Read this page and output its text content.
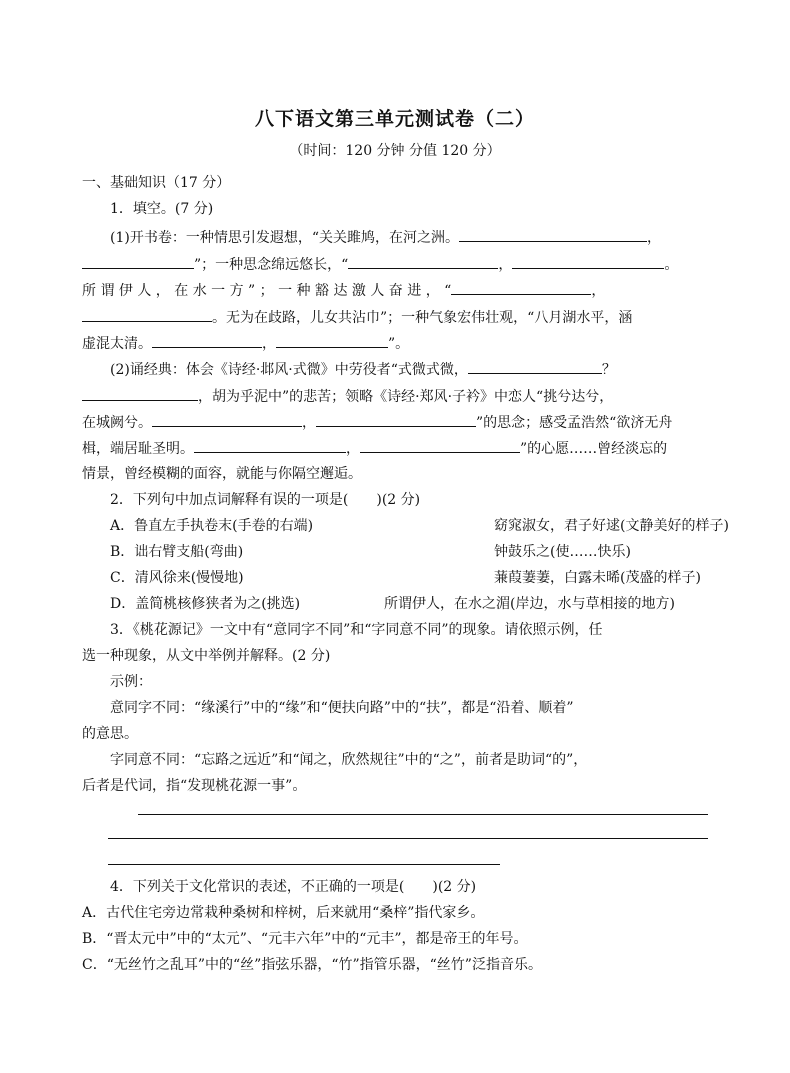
八下语文第三单元测试卷（二）
（时间：120 分钟 分值 120 分）
一、基础知识（17 分）
1．填空。(7 分)
(1)开书卷：一种情思引发遐想，“关关雎鸠，在河之洲。	，
”；一种思念绵远悠长，“	，	。
所 谓 伊 人 ， 在 水 一 方 ” ； 一 种 豁 达 激 人 奋 进 ， “	，
。无为在歧路，儿女共沾巾”；一种气象宏伟壮观，“八月湖水平，涵
虚混太清。	，	”。
(2)诵经典：体会《诗经·邶风·式微》中劳役者“式微式微，	？
，胡为乎泥中”的悲苦；领略《诗经·郑风·子衿》中恋人“挑兮达兮，
在城阙兮。	，	”的思念；感受孟浩然“欲济无舟
楫，端居耻圣明。	，	”的心愿……曾经淡忘的
情景，曾经模糊的面容，就能与你隔空邂逅。
2．下列句中加点词解释有误的一项是(　　)(2 分)
A．鲁直左手执卷末(手卷的右端)	窈窕淑女，君子好逑(文静美好的样子)
B．诎右臂支船(弯曲)	钟鼓乐之(使……快乐)
C．清风徐来(慢慢地)	蒹葭萋萋，白露未晞(茂盛的样子)
D．盖简桃核修狭者为之(挑选)	所谓伊人，在水之湄(岸边，水与草相接的地方)
3．《桃花源记》一文中有“意同字不同”和“字同意不同”的现象。请依照示例，任
选一种现象，从文中举例并解释。(2 分)
示例：
意同字不同：“缘溪行”中的“缘”和“便扶向路”中的“扶”，都是“沿着、顺着”
的意思。
字同意不同：“忘路之远近”和“闻之，欣然规往”中的“之”，前者是助词“的”，
后者是代词，指“发现桃花源一事”。
4．下列关于文化常识的表述，不正确的一项是(　　)(2 分)
A．古代住宅旁边常栽种桑树和梓树，后来就用“桑梓”指代家乡。
B．“晋太元中”中的“太元”、“元丰六年”中的“元丰”，都是帝王的年号。
C．“无丝竹之乱耳”中的“丝”指弦乐器，“竹”指管乐器，“丝竹”泛指音乐。
